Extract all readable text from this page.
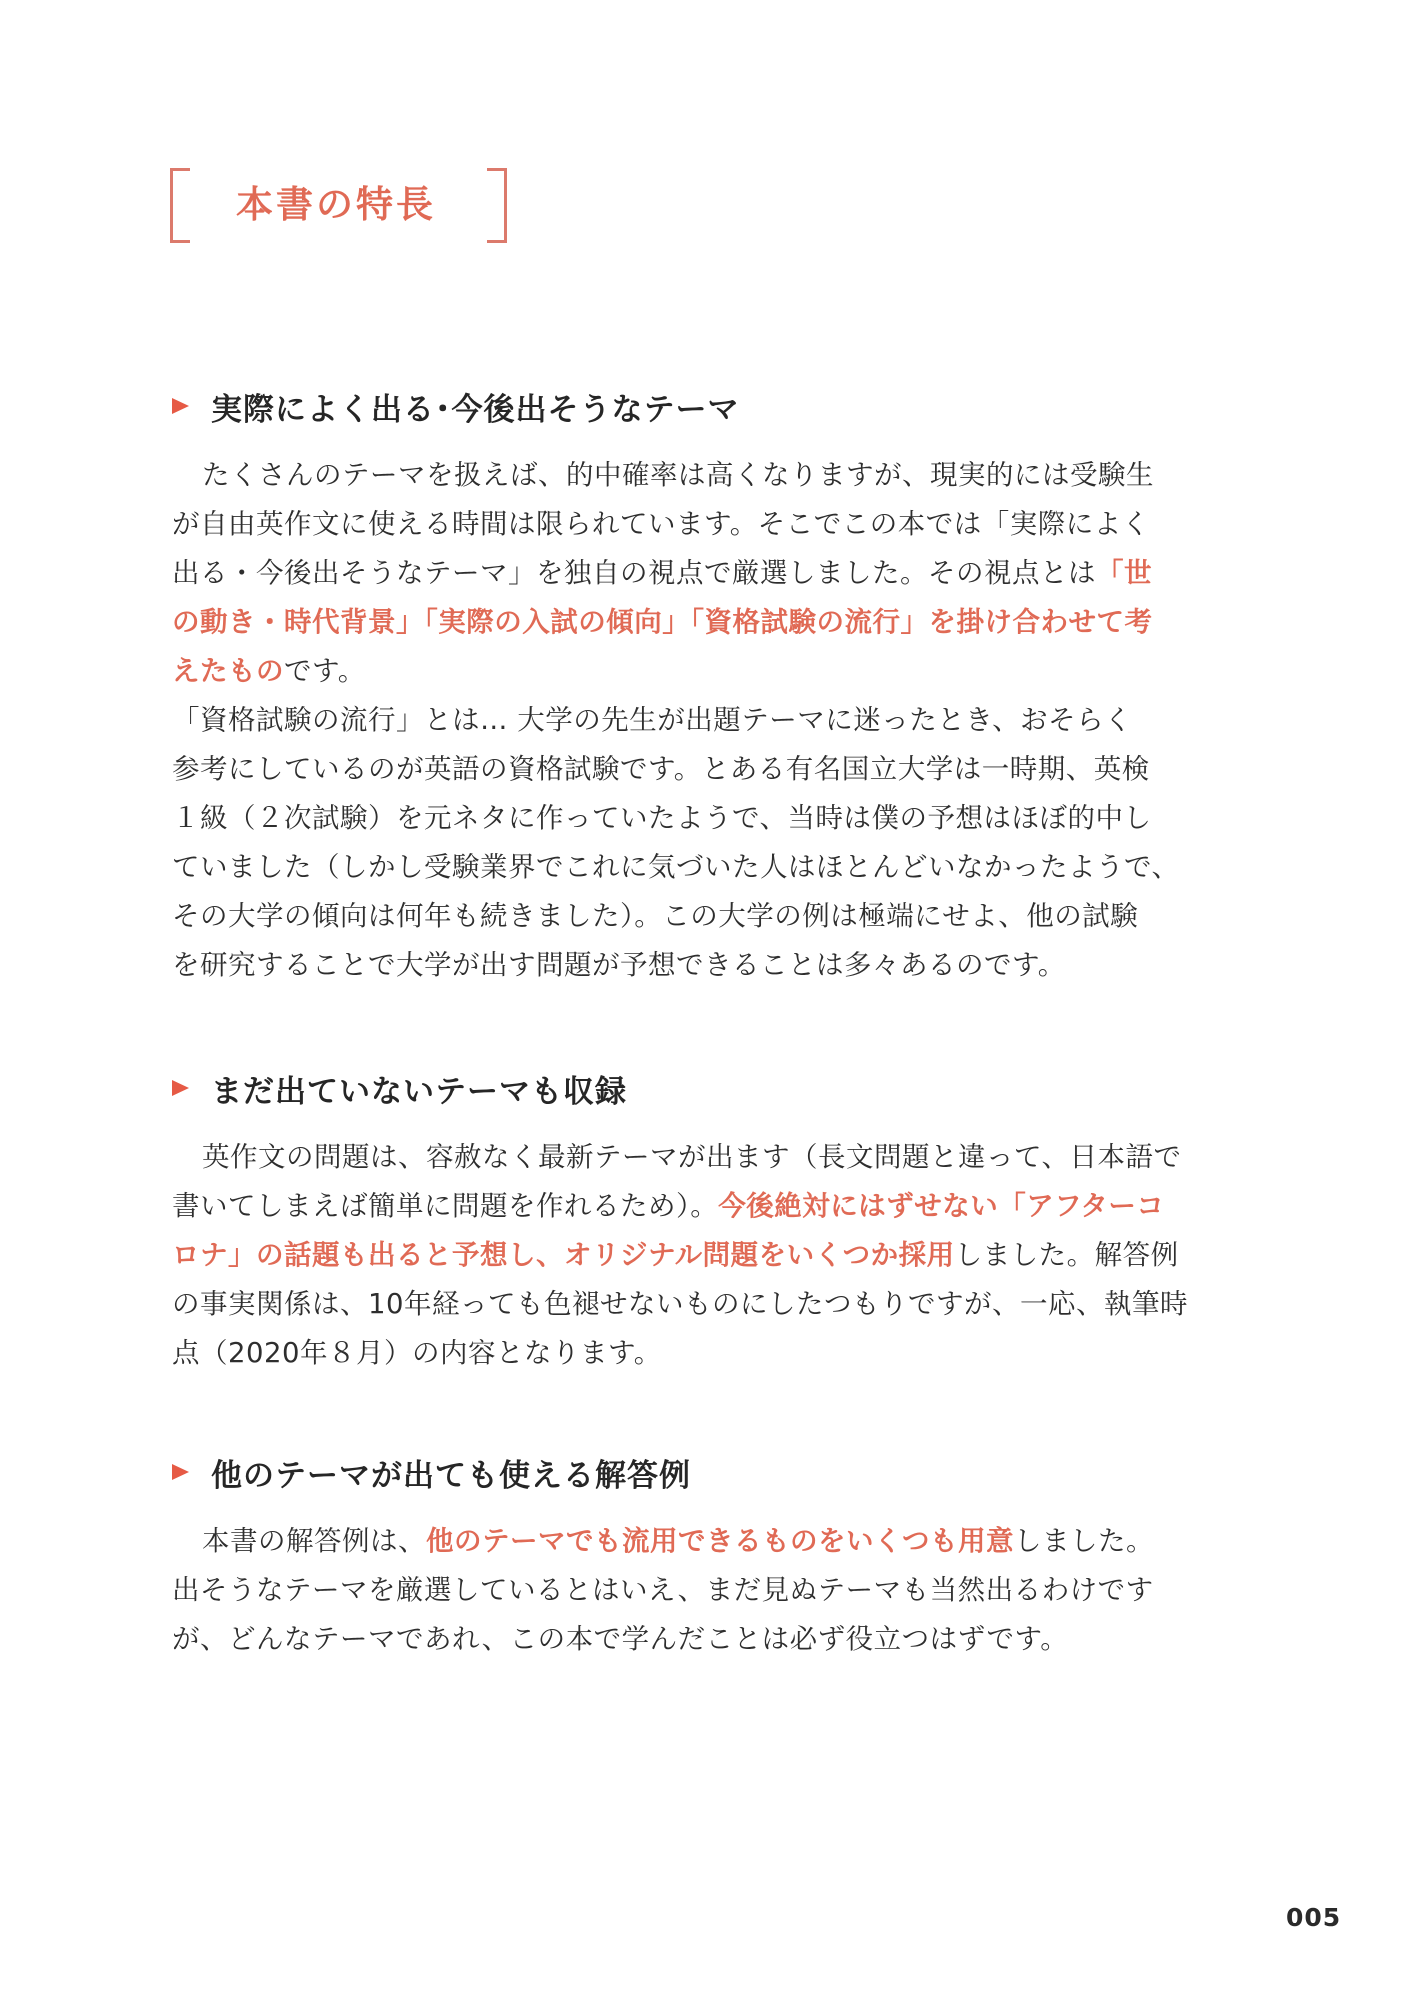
本書の特長
実際によく出る･今後出そうなテーマ
たくさんのテーマを扱えば、的中確率は高くなりますが、現実的には受験生
が自由英作文に使える時間は限られています。そこでこの本では「実際によく
出る・今後出そうなテーマ」を独自の視点で厳選しました。その視点とは「世
の動き・時代背景」「実際の入試の傾向」「資格試験の流行」を掛け合わせて考
えたものです。
「資格試験の流行」とは… 大学の先生が出題テーマに迷ったとき、おそらく
参考にしているのが英語の資格試験です。とある有名国立大学は一時期、英検
１級（２次試験）を元ネタに作っていたようで、当時は僕の予想はほぼ的中し
ていました（しかし受験業界でこれに気づいた人はほとんどいなかったようで、
その大学の傾向は何年も続きました）。この大学の例は極端にせよ、他の試験
を研究することで大学が出す問題が予想できることは多々あるのです。
まだ出ていないテーマも収録
英作文の問題は、容赦なく最新テーマが出ます（長文問題と違って、日本語で
書いてしまえば簡単に問題を作れるため）。今後絶対にはずせない「アフターコ
ロナ」の話題も出ると予想し、オリジナル問題をいくつか採用しました。解答例
の事実関係は、10年経っても色褪せないものにしたつもりですが、一応、執筆時
点（2020年８月）の内容となります。
他のテーマが出ても使える解答例
本書の解答例は、他のテーマでも流用できるものをいくつも用意しました。
出そうなテーマを厳選しているとはいえ、まだ見ぬテーマも当然出るわけです
が、どんなテーマであれ、この本で学んだことは必ず役立つはずです。
005
